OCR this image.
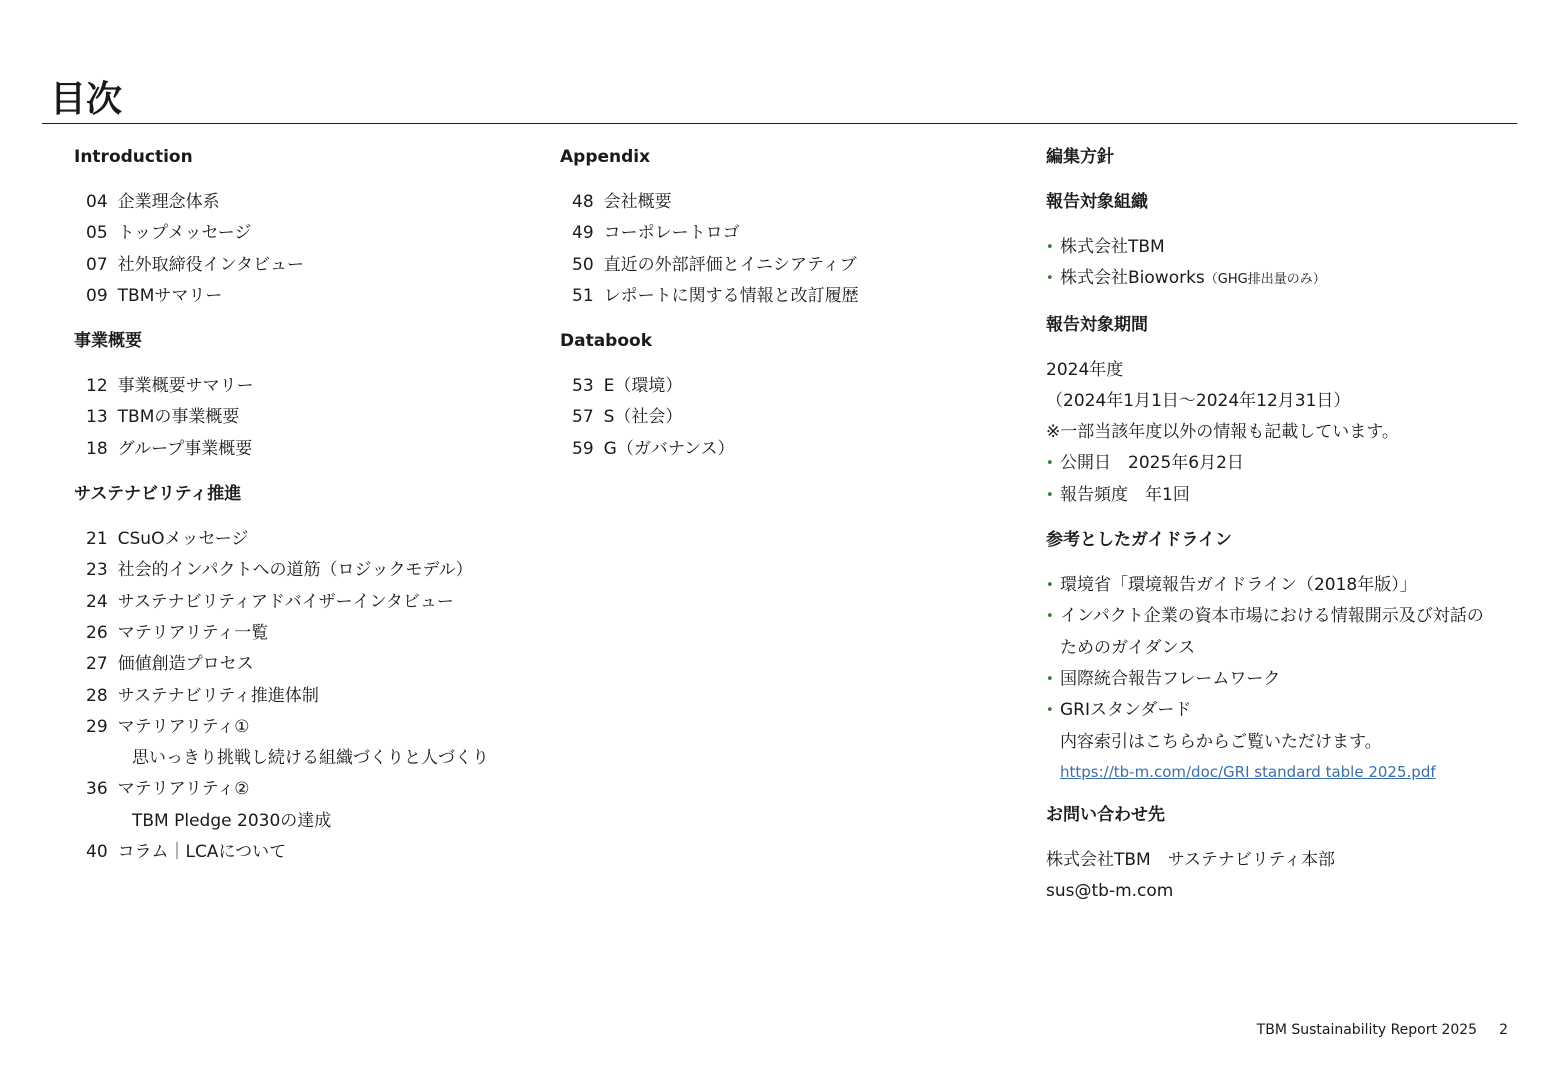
目次
Introduction
04 企業理念体系
05 トップメッセージ
07 社外取締役インタビュー
09 TBMサマリー
事業概要
12 事業概要サマリー
13 TBMの事業概要
18 グループ事業概要
サステナビリティ推進
21 CSuOメッセージ
23 社会的インパクトへの道筋（ロジックモデル）
24 サステナビリティアドバイザーインタビュー
26 マテリアリティ一覧
27 価値創造プロセス
28 サステナビリティ推進体制
29 マテリアリティ①
思いっきり挑戦し続ける組織づくりと人づくり
36 マテリアリティ②
TBM Pledge 2030の達成
40 コラム｜LCAについて
Appendix
48 会社概要
49 コーポレートロゴ
50 直近の外部評価とイニシアティブ
51 レポートに関する情報と改訂履歴
Databook
53 E（環境）
57 S（社会）
59 G（ガバナンス）
編集方針
報告対象組織
• 株式会社TBM
• 株式会社Bioworks（GHG排出量のみ）
報告対象期間
2024年度
（2024年1月1日～2024年12月31日）
※一部当該年度以外の情報も記載しています。
• 公開日　2025年6月2日
• 報告頻度　年1回
参考としたガイドライン
• 環境省「環境報告ガイドライン（2018年版）」
• インパクト企業の資本市場における情報開示及び対話の
ためのガイダンス
• 国際統合報告フレームワーク
• GRIスタンダード
内容索引はこちらからご覧いただけます。
https://tb-m.com/doc/GRI standard table 2025.pdf
お問い合わせ先
株式会社TBM　サステナビリティ本部
sus@tb-m.com
TBM Sustainability Report 2025 2
